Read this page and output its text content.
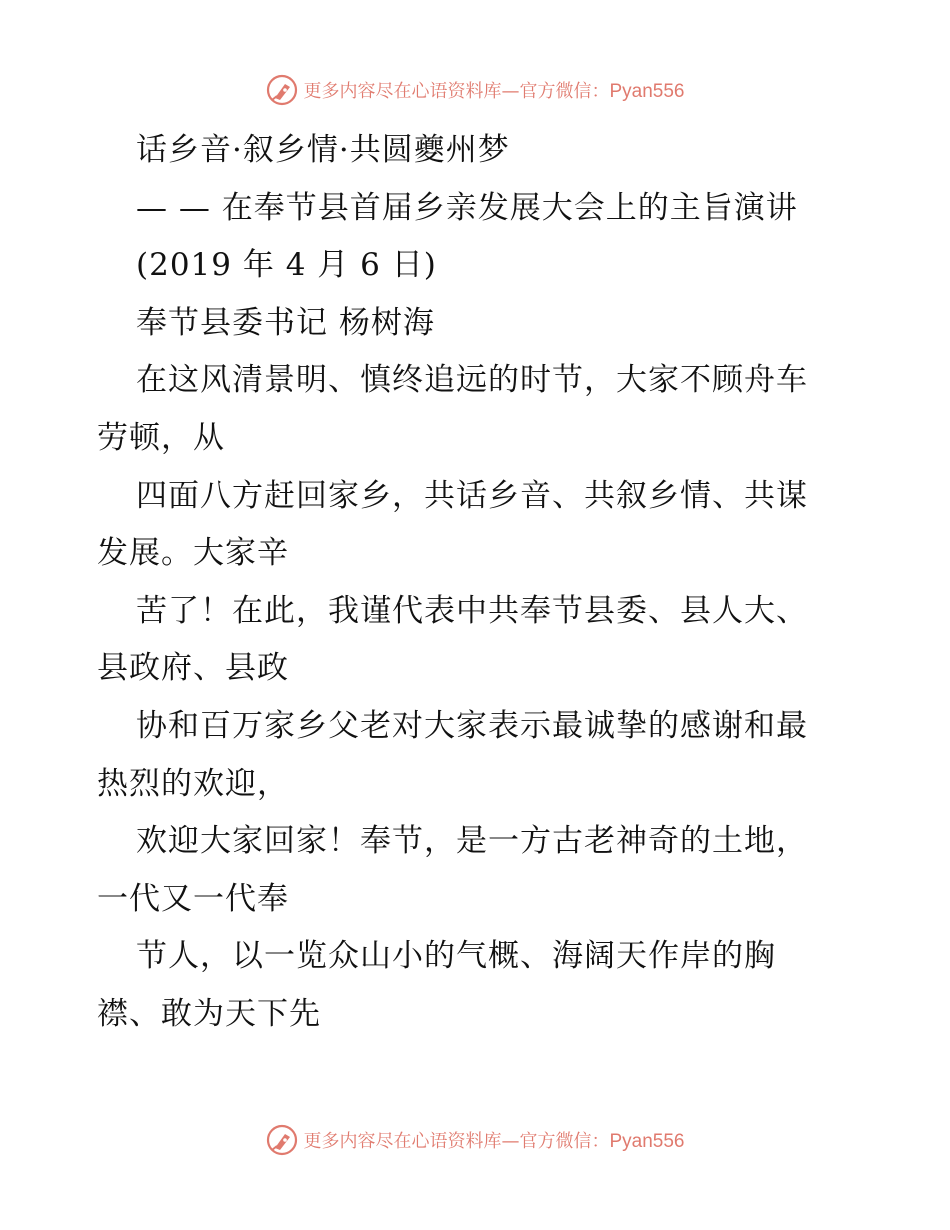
更多内容尽在心语资料库—官方微信：Pyan556
话乡音·叙乡情·共圆夔州梦
— — 在奉节县首届乡亲发展大会上的主旨演讲
(2019 年 4 月 6 日)
奉节县委书记 杨树海
在这风清景明、慎终追远的时节，大家不顾舟车
劳顿，从
四面八方赶回家乡，共话乡音、共叙乡情、共谋
发展。大家辛
苦了！在此，我谨代表中共奉节县委、县人大、
县政府、县政
协和百万家乡父老对大家表示最诚挚的感谢和最
热烈的欢迎，
欢迎大家回家！奉节，是一方古老神奇的土地，
一代又一代奉
节人，以一览众山小的气概、海阔天作岸的胸
襟、敢为天下先
更多内容尽在心语资料库—官方微信：Pyan556
